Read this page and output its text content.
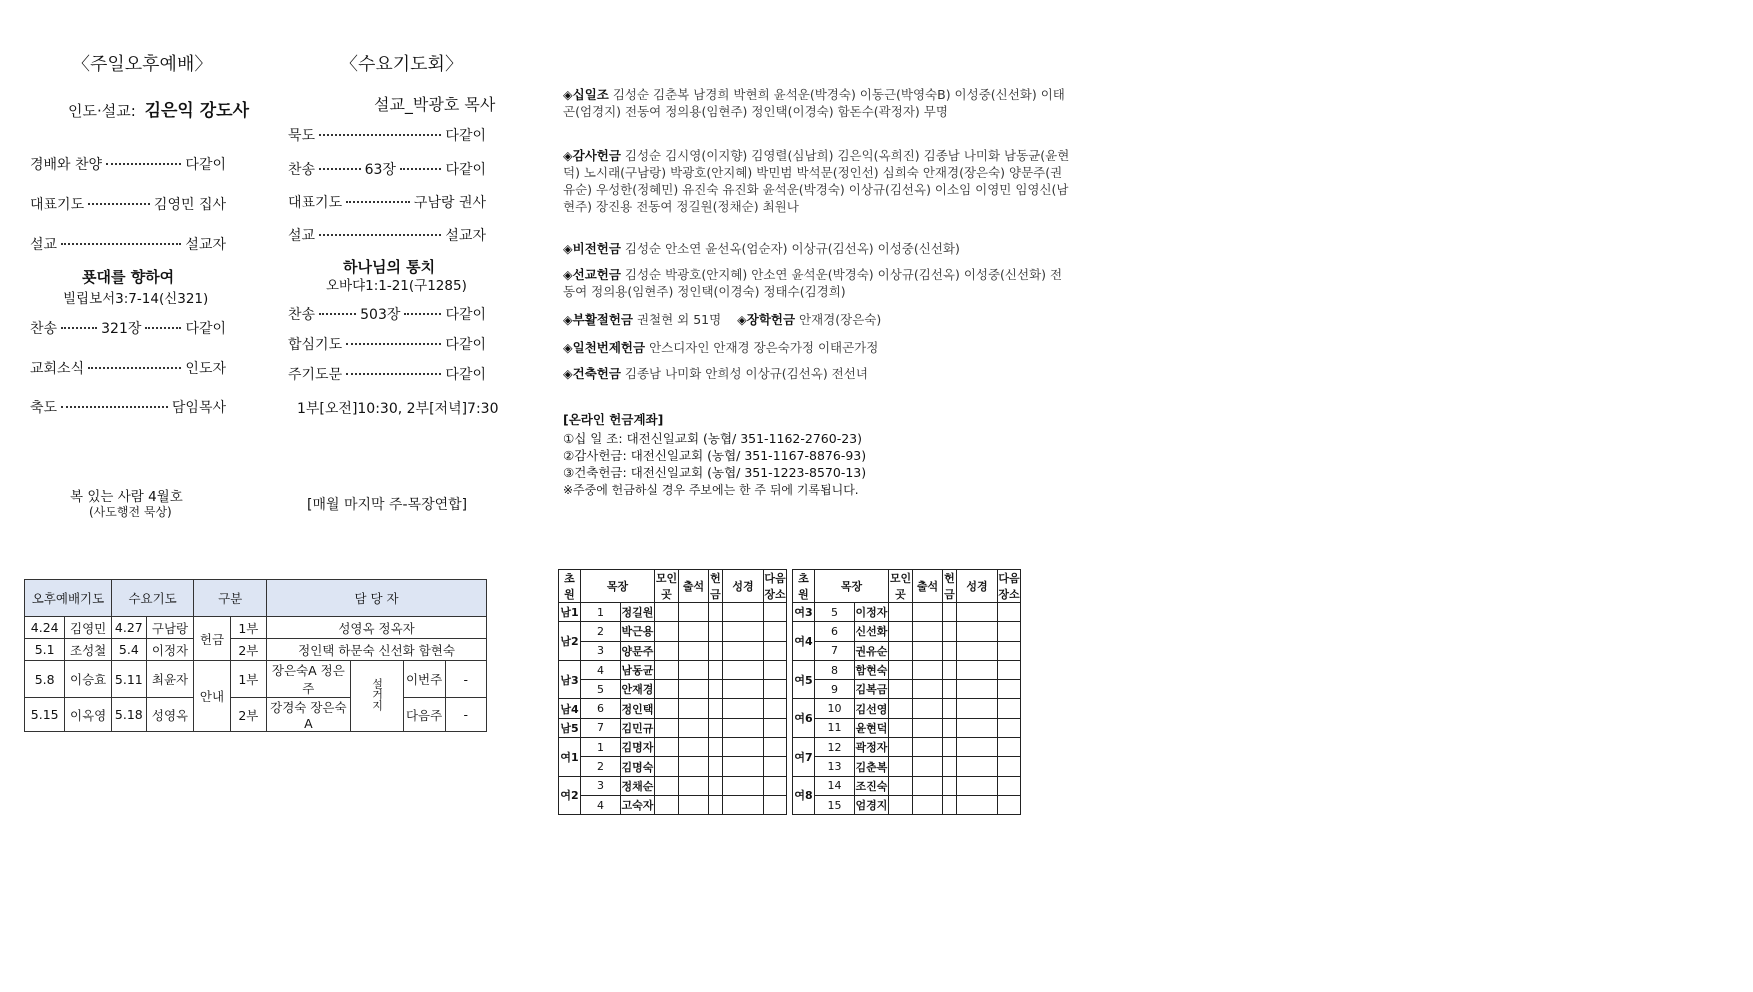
〈주일오후예배〉
인도·설교: 김은익 강도사
경배와 찬양	다같이
대표기도	김영민 집사
설교	설교자
푯대를 향하여
빌립보서3:7-14(신321)
찬송	321장	다같이
교회소식	인도자
축도	담임목사
복 있는 사람 4월호
(사도행전 묵상)
〈수요기도회〉
설교_박광호 목사
묵도	다같이
찬송	63장	다같이
대표기도	구남랑 권사
설교	설교자
하나님의 통치
오바댜1:1-21(구1285)
찬송	503장	다같이
합심기도	다같이
주기도문	다같이
1부[오전]10:30, 2부[저녁]7:30
[매월 마지막 주-목장연합]
◈십일조 김성순 김춘복 남경희 박현희 윤석운(박경숙) 이동근(박영숙B) 이성중(신선화) 이태곤(엄경지) 전동여 정의용(임현주) 정인택(이경숙) 함돈수(곽정자) 무명
◈감사헌금 김성순 김시영(이지향) 김영렬(심남희) 김은익(옥희진) 김종남 나미화 남동균(윤현덕) 노시래(구남랑) 박광호(안지혜) 박민범 박석문(정인선) 심희숙 안재경(장은숙) 양문주(권유순) 우성한(정혜민) 유진숙 유진화 윤석운(박경숙) 이상규(김선옥) 이소임 이영민 임영신(남현주) 장진용 전동여 정길원(정채순) 최원나
◈비전헌금 김성순 안소연 윤선옥(엄순자) 이상규(김선옥) 이성중(신선화)
◈선교헌금 김성순 박광호(안지혜) 안소연 윤석운(박경숙) 이상규(김선옥) 이성중(신선화) 전동여 정의용(임현주) 정인택(이경숙) 정태수(김경희)
◈부활절헌금 권철현 외 51명 ◈장학헌금 안재경(장은숙)
◈일천번제헌금 안스디자인 안재경 장은숙가정 이태곤가정
◈건축헌금 김종남 나미화 안희성 이상규(김선옥) 전선녀
[온라인 헌금계좌]
①십 일 조: 대전신일교회 (농협/ 351-1162-2760-23)
②감사헌금: 대전신일교회 (농협/ 351-1167-8876-93)
③건축헌금: 대전신일교회 (농협/ 351-1223-8570-13)
※주중에 헌금하실 경우 주보에는 한 주 뒤에 기록됩니다.
오후예배기도		수요기도		구분		담 당 자			
4.24	김영민	4.27	구남랑	헌금	1부	성영옥 정옥자			
5.1	조성철	5.4	이정자		2부	정인택 하문숙 신선화 함현숙			
5.8	이승효	5.11	최윤자	안내	1부	장은숙A 정은주	설거지	이번주	-
5.15	이옥영	5.18	성영옥		2부	강경숙 장은숙A		다음주	-
초원	목장		모인곳	출석	헌금	성경	다음장소
남1	1	정길원					
남2	2	박근용					
	3	양문주					
남3	4	남동균					
	5	안재경					
남4	6	정인택					
남5	7	김민규					
여1	1	김명자					
	2	김명숙					
여2	3	정채순					
	4	고숙자					
초원	목장		모인곳	출석	헌금	성경	다음장소
여3	5	이정자					
여4	6	신선화					
	7	권유순					
여5	8	함현숙					
	9	김복금					
여6	10	김선영					
	11	윤현덕					
여7	12	곽정자					
	13	김춘복					
여8	14	조진숙					
	15	엄경지					
